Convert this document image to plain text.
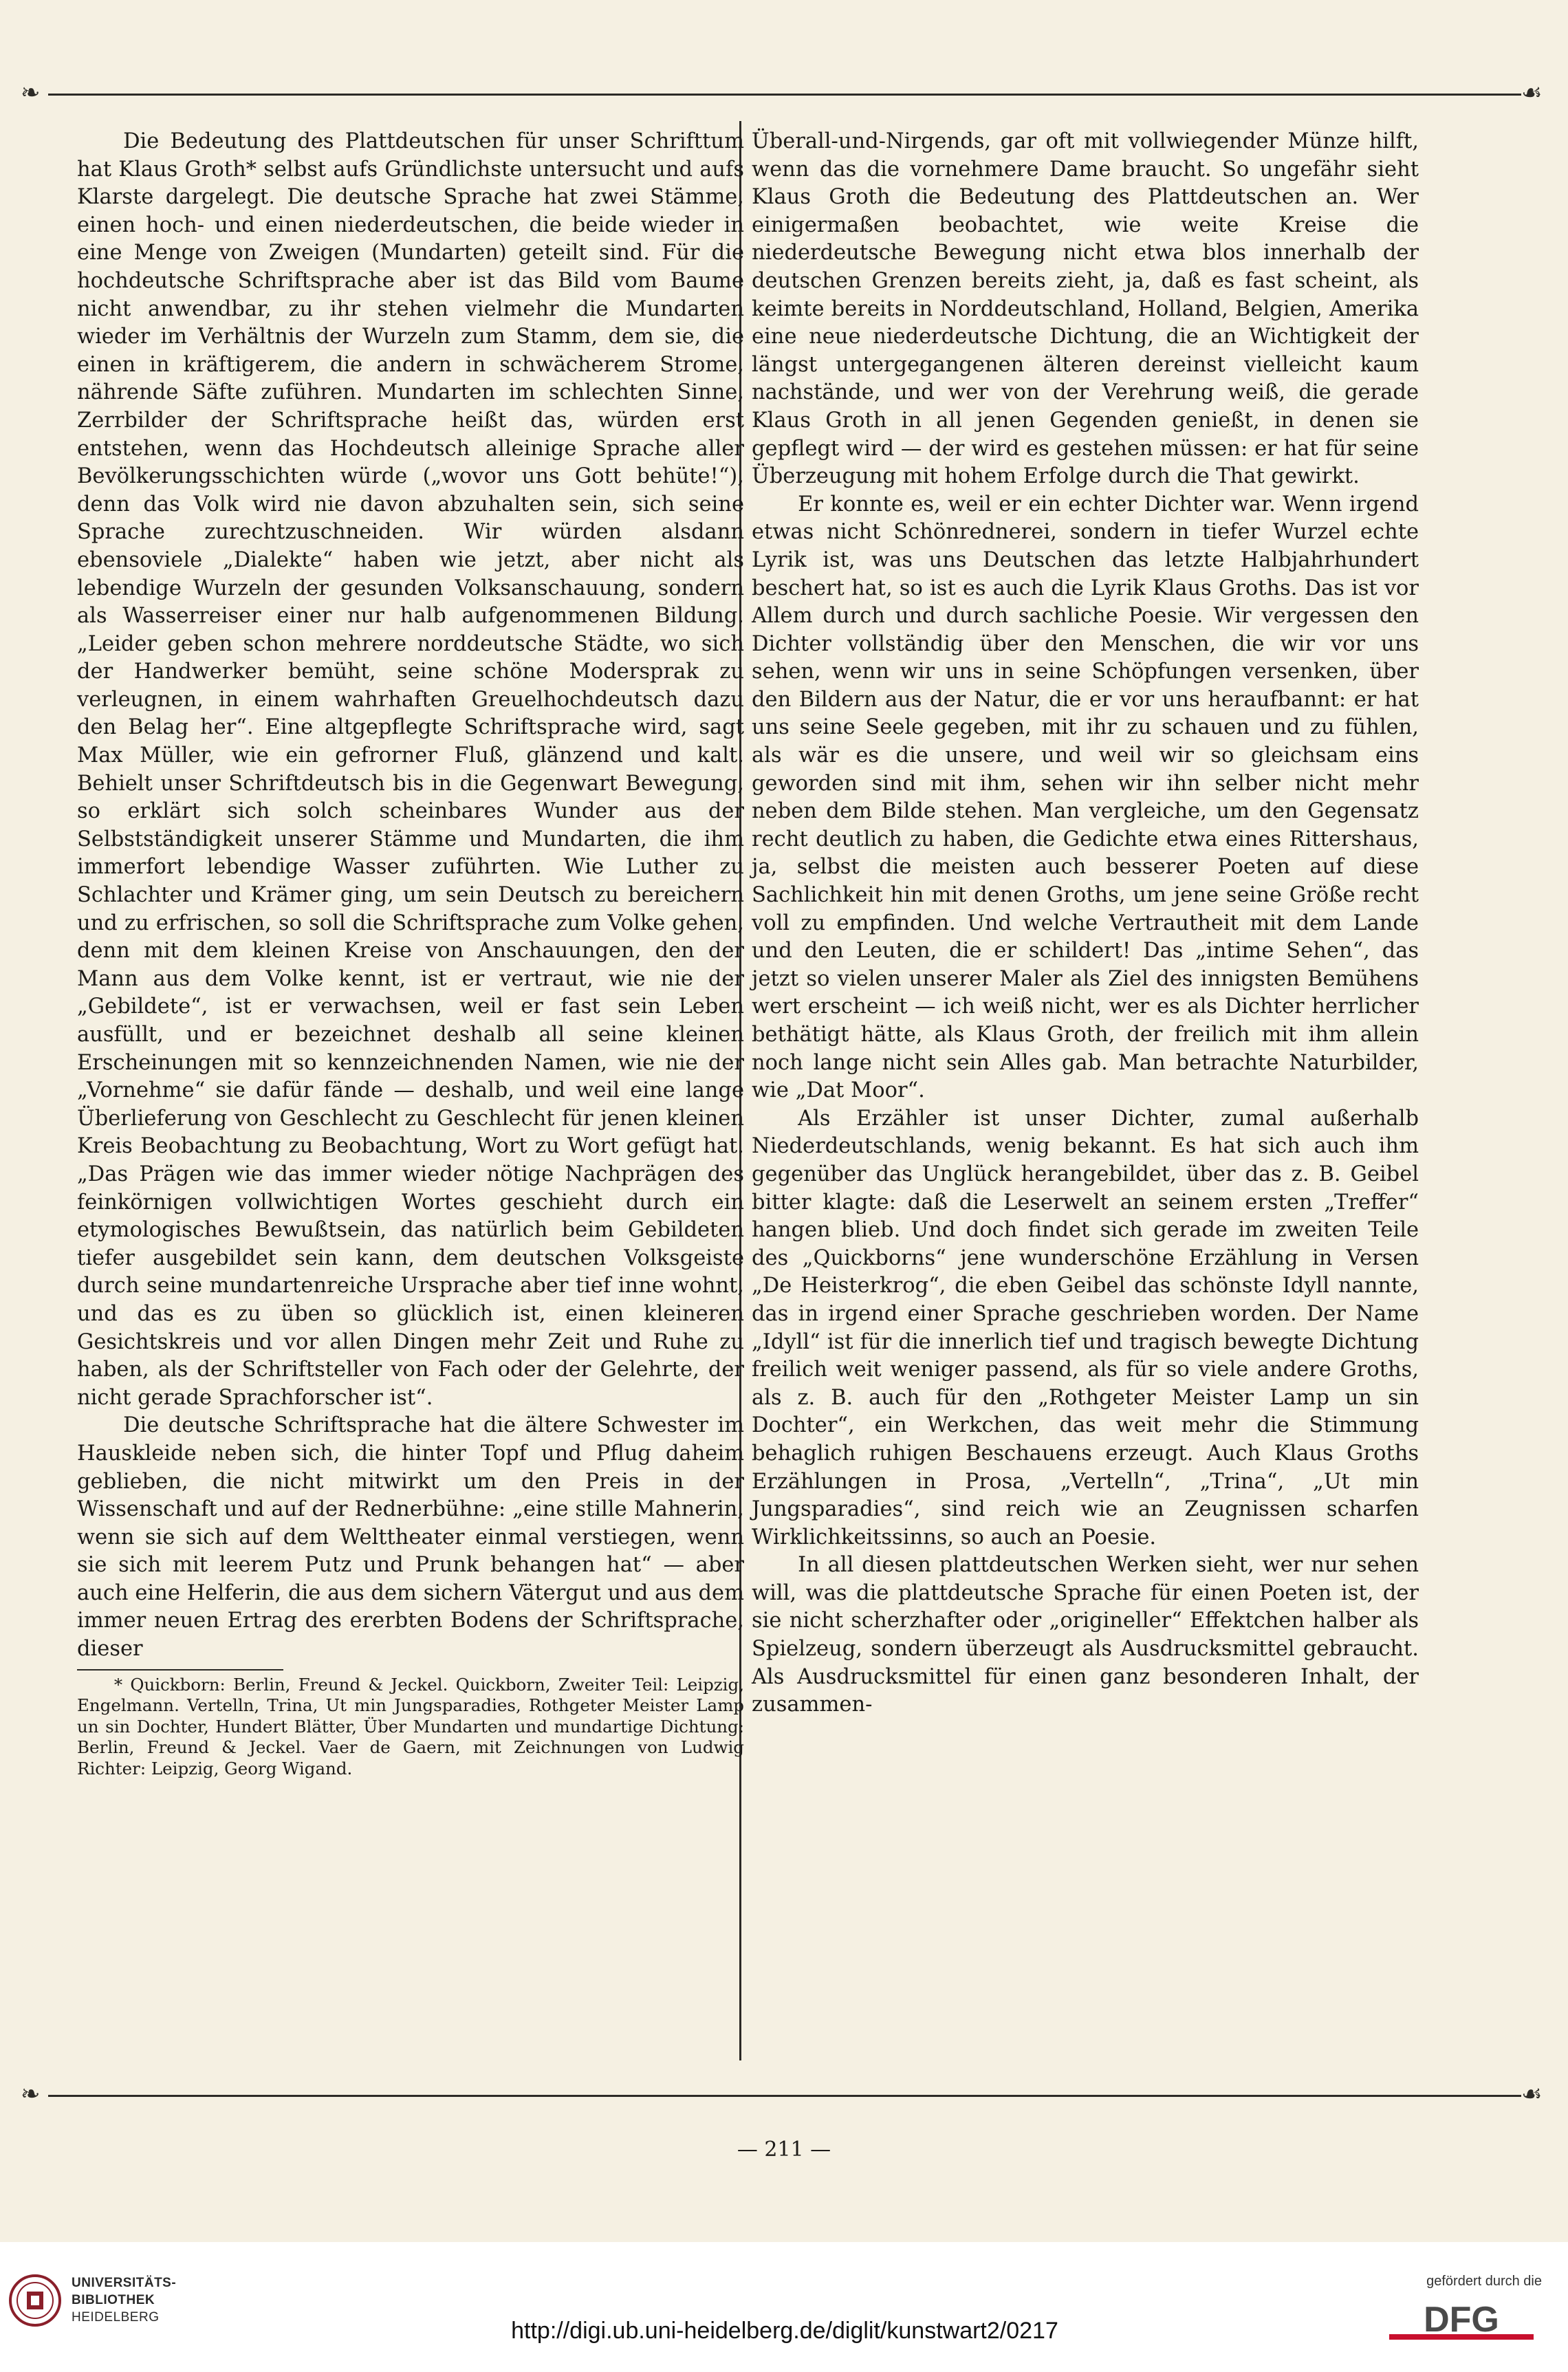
❧	☙

Die Bedeutung des Plattdeutschen für unser Schrifttum hat Klaus Groth* selbst aufs Gründlichste untersucht und aufs Klarste dargelegt. Die deutsche Sprache hat zwei Stämme, einen hoch- und einen niederdeutschen, die beide wieder in eine Menge von Zweigen (Mundarten) geteilt sind. Für die hochdeutsche Schriftsprache aber ist das Bild vom Baume nicht anwendbar, zu ihr stehen vielmehr die Mundarten wieder im Verhältnis der Wurzeln zum Stamm, dem sie, die einen in kräftigerem, die andern in schwächerem Strome, nährende Säfte zuführen. Mundarten im schlechten Sinne, Zerrbilder der Schriftsprache heißt das, würden erst entstehen, wenn das Hochdeutsch alleinige Sprache aller Bevölkerungsschichten würde („wovor uns Gott behüte!“), denn das Volk wird nie davon abzuhalten sein, sich seine Sprache zurechtzuschneiden. Wir würden alsdann ebensoviele „Dialekte“ haben wie jetzt, aber nicht als lebendige Wurzeln der gesunden Volksanschauung, sondern als Wasserreiser einer nur halb aufgenommenen Bildung. „Leider geben schon mehrere norddeutsche Städte, wo sich der Handwerker bemüht, seine schöne Modersprak zu verleugnen, in einem wahrhaften Greuelhochdeutsch dazu den Belag her“. Eine altgepflegte Schriftsprache wird, sagt Max Müller, wie ein gefrorner Fluß, glänzend und kalt. Behielt unser Schriftdeutsch bis in die Gegenwart Bewegung, so erklärt sich solch scheinbares Wunder aus der Selbstständigkeit unserer Stämme und Mundarten, die ihm immerfort lebendige Wasser zuführten. Wie Luther zu Schlachter und Krämer ging, um sein Deutsch zu bereichern und zu erfrischen, so soll die Schriftsprache zum Volke gehen, denn mit dem kleinen Kreise von Anschauungen, den der Mann aus dem Volke kennt, ist er vertraut, wie nie der „Gebildete“, ist er verwachsen, weil er fast sein Leben ausfüllt, und er bezeichnet deshalb all seine kleinen Erscheinungen mit so kennzeichnenden Namen, wie nie der „Vornehme“ sie dafür fände — deshalb, und weil eine lange Überlieferung von Geschlecht zu Geschlecht für jenen kleinen Kreis Beobachtung zu Beobachtung, Wort zu Wort gefügt hat. „Das Prägen wie das immer wieder nötige Nachprägen des feinkörnigen vollwichtigen Wortes geschieht durch ein etymologisches Bewußtsein, das natürlich beim Gebildeten tiefer ausgebildet sein kann, dem deutschen Volksgeiste durch seine mundartenreiche Ursprache aber tief inne wohnt, und das es zu üben so glücklich ist, einen kleineren Gesichtskreis und vor allen Dingen mehr Zeit und Ruhe zu haben, als der Schriftsteller von Fach oder der Gelehrte, der nicht gerade Sprachforscher ist“.

Die deutsche Schriftsprache hat die ältere Schwester im Hauskleide neben sich, die hinter Topf und Pflug daheim geblieben, die nicht mitwirkt um den Preis in der Wissenschaft und auf der Rednerbühne: „eine stille Mahnerin, wenn sie sich auf dem Welttheater einmal verstiegen, wenn sie sich mit leerem Putz und Prunk behangen hat“ — aber auch eine Helferin, die aus dem sichern Vätergut und aus dem immer neuen Ertrag des ererbten Bodens der Schriftsprache, dieser

* Quickborn: Berlin, Freund & Jeckel. Quickborn, Zweiter Teil: Leipzig, Engelmann. Vertelln, Trina, Ut min Jungsparadies, Rothgeter Meister Lamp un sin Dochter, Hundert Blätter, Über Mundarten und mundartige Dichtung: Berlin, Freund & Jeckel. Vaer de Gaern, mit Zeichnungen von Ludwig Richter: Leipzig, Georg Wigand.

Überall-und-Nirgends, gar oft mit vollwiegender Münze hilft, wenn das die vornehmere Dame braucht. So ungefähr sieht Klaus Groth die Bedeutung des Plattdeutschen an. Wer einigermaßen beobachtet, wie weite Kreise die niederdeutsche Bewegung nicht etwa blos innerhalb der deutschen Grenzen bereits zieht, ja, daß es fast scheint, als keimte bereits in Norddeutschland, Holland, Belgien, Amerika eine neue niederdeutsche Dichtung, die an Wichtigkeit der längst untergegangenen älteren dereinst vielleicht kaum nachstände, und wer von der Verehrung weiß, die gerade Klaus Groth in all jenen Gegenden genießt, in denen sie gepflegt wird — der wird es gestehen müssen: er hat für seine Überzeugung mit hohem Erfolge durch die That gewirkt.

Er konnte es, weil er ein echter Dichter war. Wenn irgend etwas nicht Schönrednerei, sondern in tiefer Wurzel echte Lyrik ist, was uns Deutschen das letzte Halbjahrhundert beschert hat, so ist es auch die Lyrik Klaus Groths. Das ist vor Allem durch und durch sachliche Poesie. Wir vergessen den Dichter vollständig über den Menschen, die wir vor uns sehen, wenn wir uns in seine Schöpfungen versenken, über den Bildern aus der Natur, die er vor uns heraufbannt: er hat uns seine Seele gegeben, mit ihr zu schauen und zu fühlen, als wär es die unsere, und weil wir so gleichsam eins geworden sind mit ihm, sehen wir ihn selber nicht mehr neben dem Bilde stehen. Man vergleiche, um den Gegensatz recht deutlich zu haben, die Gedichte etwa eines Rittershaus, ja, selbst die meisten auch besserer Poeten auf diese Sachlichkeit hin mit denen Groths, um jene seine Größe recht voll zu empfinden. Und welche Vertrautheit mit dem Lande und den Leuten, die er schildert! Das „intime Sehen“, das jetzt so vielen unserer Maler als Ziel des innigsten Bemühens wert erscheint — ich weiß nicht, wer es als Dichter herrlicher bethätigt hätte, als Klaus Groth, der freilich mit ihm allein noch lange nicht sein Alles gab. Man betrachte Naturbilder, wie „Dat Moor“.

Als Erzähler ist unser Dichter, zumal außerhalb Niederdeutschlands, wenig bekannt. Es hat sich auch ihm gegenüber das Unglück herangebildet, über das z. B. Geibel bitter klagte: daß die Leserwelt an seinem ersten „Treffer“ hangen blieb. Und doch findet sich gerade im zweiten Teile des „Quickborns“ jene wunderschöne Erzählung in Versen „De Heisterkrog“, die eben Geibel das schönste Idyll nannte, das in irgend einer Sprache geschrieben worden. Der Name „Idyll“ ist für die innerlich tief und tragisch bewegte Dichtung freilich weit weniger passend, als für so viele andere Groths, als z. B. auch für den „Rothgeter Meister Lamp un sin Dochter“, ein Werkchen, das weit mehr die Stimmung behaglich ruhigen Beschauens erzeugt. Auch Klaus Groths Erzählungen in Prosa, „Vertelln“, „Trina“, „Ut min Jungsparadies“, sind reich wie an Zeugnissen scharfen Wirklichkeitssinns, so auch an Poesie.

In all diesen plattdeutschen Werken sieht, wer nur sehen will, was die plattdeutsche Sprache für einen Poeten ist, der sie nicht scherzhafter oder „origineller“ Effektchen halber als Spielzeug, sondern überzeugt als Ausdrucksmittel gebraucht. Als Ausdrucksmittel für einen ganz besonderen Inhalt, der zusammen-

❧	☙
— 211 —
UNIVERSITÄTS-
BIBLIOTHEK
HEIDELBERG
http://digi.ub.uni-heidelberg.de/diglit/kunstwart2/0217
gefördert durch die
DFG
